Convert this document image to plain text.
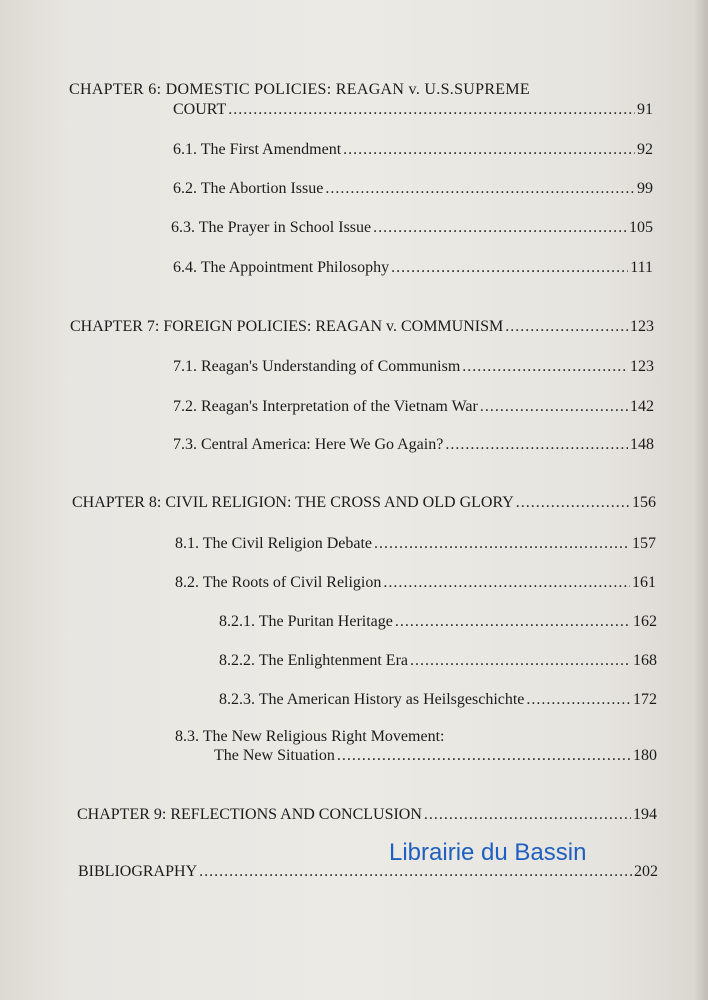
CHAPTER 6: DOMESTIC POLICIES: REAGAN v. U.S.SUPREME
COURT .....	91
6.1. The First Amendment .....	92
6.2. The Abortion Issue .....	99
6.3. The Prayer in School Issue .....	105
6.4. The Appointment Philosophy .....	111
CHAPTER 7: FOREIGN POLICIES: REAGAN v. COMMUNISM .....	123
7.1. Reagan's Understanding of Communism .....	123
7.2. Reagan's Interpretation of the Vietnam War .....	142
7.3. Central America: Here We Go Again? .....	148
CHAPTER 8: CIVIL RELIGION: THE CROSS AND OLD GLORY .....	156
8.1. The Civil Religion Debate .....	157
8.2. The Roots of Civil Religion .....	161
8.2.1. The Puritan Heritage .....	162
8.2.2. The Enlightenment Era .....	168
8.2.3. The American History as Heilsgeschichte .....	172
8.3. The New Religious Right Movement:
The New Situation .....	180
CHAPTER 9: REFLECTIONS AND CONCLUSION .....	194
BIBLIOGRAPHY .....	202
Librairie du Bassin
